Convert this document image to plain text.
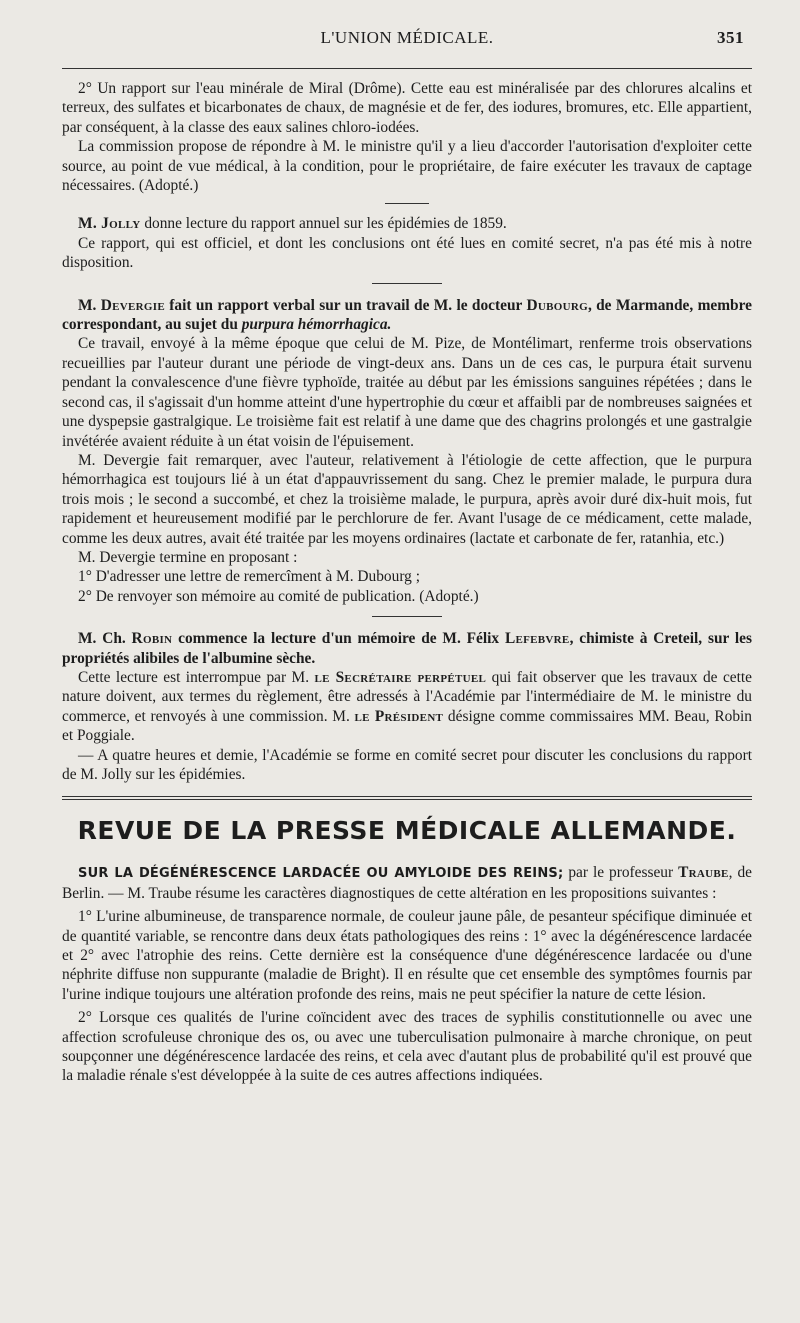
L'UNION MÉDICALE.	351

2° Un rapport sur l'eau minérale de Miral (Drôme). Cette eau est minéralisée par des chlorures alcalins et terreux, des sulfates et bicarbonates de chaux, de magnésie et de fer, des iodures, bromures, etc. Elle appartient, par conséquent, à la classe des eaux salines chloro-iodées.

La commission propose de répondre à M. le ministre qu'il y a lieu d'accorder l'autorisation d'exploiter cette source, au point de vue médical, à la condition, pour le propriétaire, de faire exécuter les travaux de captage nécessaires. (Adopté.)

M. Jolly donne lecture du rapport annuel sur les épidémies de 1859.

Ce rapport, qui est officiel, et dont les conclusions ont été lues en comité secret, n'a pas été mis à notre disposition.

M. Devergie fait un rapport verbal sur un travail de M. le docteur Dubourg, de Marmande, membre correspondant, au sujet du purpura hémorrhagica.

Ce travail, envoyé à la même époque que celui de M. Pize, de Montélimart, renferme trois observations recueillies par l'auteur durant une période de vingt-deux ans. Dans un de ces cas, le purpura était survenu pendant la convalescence d'une fièvre typhoïde, traitée au début par les émissions sanguines répétées ; dans le second cas, il s'agissait d'un homme atteint d'une hypertrophie du cœur et affaibli par de nombreuses saignées et une dyspepsie gastralgique. Le troisième fait est relatif à une dame que des chagrins prolongés et une gastralgie invétérée avaient réduite à un état voisin de l'épuisement.

M. Devergie fait remarquer, avec l'auteur, relativement à l'étiologie de cette affection, que le purpura hémorrhagica est toujours lié à un état d'appauvrissement du sang. Chez le premier malade, le purpura dura trois mois ; le second a succombé, et chez la troisième malade, le purpura, après avoir duré dix-huit mois, fut rapidement et heureusement modifié par le perchlorure de fer. Avant l'usage de ce médicament, cette malade, comme les deux autres, avait été traitée par les moyens ordinaires (lactate et carbonate de fer, ratanhia, etc.)

M. Devergie termine en proposant :

1° D'adresser une lettre de remercîment à M. Dubourg ;

2° De renvoyer son mémoire au comité de publication. (Adopté.)

M. Ch. Robin commence la lecture d'un mémoire de M. Félix Lefebvre, chimiste à Creteil, sur les propriétés alibiles de l'albumine sèche.

Cette lecture est interrompue par M. le Secrétaire perpétuel qui fait observer que les travaux de cette nature doivent, aux termes du règlement, être adressés à l'Académie par l'intermédiaire de M. le ministre du commerce, et renvoyés à une commission. M. le Président désigne comme commissaires MM. Beau, Robin et Poggiale.

— A quatre heures et demie, l'Académie se forme en comité secret pour discuter les conclusions du rapport de M. Jolly sur les épidémies.

REVUE DE LA PRESSE MÉDICALE ALLEMANDE.

SUR LA DÉGÉNÉRESCENCE LARDACÉE OU AMYLOIDE DES REINS; par le professeur Traube, de Berlin. — M. Traube résume les caractères diagnostiques de cette altération en les propositions suivantes :

1° L'urine albumineuse, de transparence normale, de couleur jaune pâle, de pesanteur spécifique diminuée et de quantité variable, se rencontre dans deux états pathologiques des reins : 1° avec la dégénérescence lardacée et 2° avec l'atrophie des reins. Cette dernière est la conséquence d'une dégénérescence lardacée ou d'une néphrite diffuse non suppurante (maladie de Bright). Il en résulte que cet ensemble des symptômes fournis par l'urine indique toujours une altération profonde des reins, mais ne peut spécifier la nature de cette lésion.

2° Lorsque ces qualités de l'urine coïncident avec des traces de syphilis constitutionnelle ou avec une affection scrofuleuse chronique des os, ou avec une tuberculisation pulmonaire à marche chronique, on peut soupçonner une dégénérescence lardacée des reins, et cela avec d'autant plus de probabilité qu'il est prouvé que la maladie rénale s'est développée à la suite de ces autres affections indiquées.
